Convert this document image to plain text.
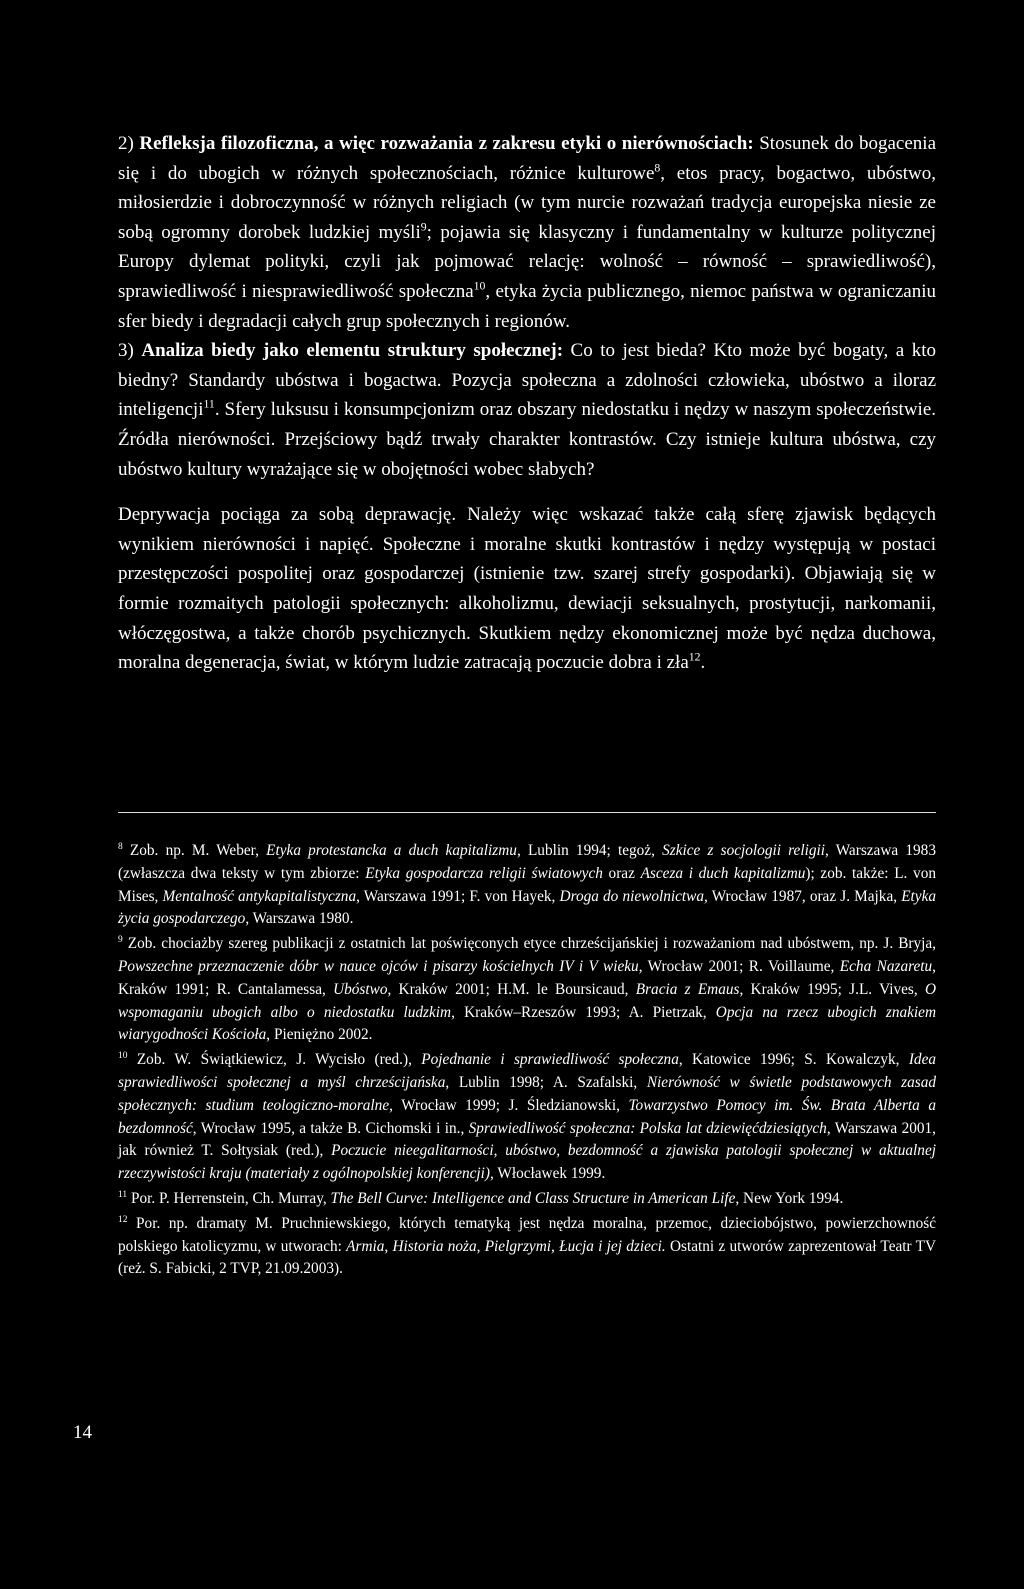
2) Refleksja filozoficzna, a więc rozważania z zakresu etyki o nierównościach: Stosunek do bogacenia się i do ubogich w różnych społecznościach, różnice kulturowe$^8$, etos pracy, bogactwo, ubóstwo, miłosierdzie i dobroczynność w różnych religiach (w tym nurcie rozważań tradycja europejska niesie ze sobą ogromny dorobek ludzkiej myśli$^9$; pojawia się klasyczny i fundamentalny w kulturze politycznej Europy dylemat polityki, czyli jak pojmować relację: wolność – równość – sprawiedliwość), sprawiedliwość i niesprawiedliwość społeczna$^{10}$, etyka życia publicznego, niemoc państwa w ograniczaniu sfer biedy i degradacji całych grup społecznych i regionów.

3) Analiza biedy jako elementu struktury społecznej: Co to jest bieda? Kto może być bogaty, a kto biedny? Standardy ubóstwa i bogactwa. Pozycja społeczna a zdolności człowieka, ubóstwo a iloraz inteligencji$^{11}$. Sfery luksusu i konsumpcjonizm oraz obszary niedostatku i nędzy w naszym społeczeństwie. Źródła nierówności. Przejściowy bądź trwały charakter kontrastów. Czy istnieje kultura ubóstwa, czy ubóstwo kultury wyrażające się w obojętności wobec słabych?

Deprywacja pociąga za sobą deprawację. Należy więc wskazać także całą sferę zjawisk będących wynikiem nierówności i napięć. Społeczne i moralne skutki kontrastów i nędzy występują w postaci przestępczości pospolitej oraz gospodarczej (istnienie tzw. szarej strefy gospodarki). Objawiają się w formie rozmaitych patologii społecznych: alkoholizmu, dewiacji seksualnych, prostytucji, narkomanii, włóczęgostwa, a także chorób psychicznych. Skutkiem nędzy ekonomicznej może być nędza duchowa, moralna degeneracja, świat, w którym ludzie zatracają poczucie dobra i zła$^{12}$.

$^8$ Zob. np. M. Weber, Etyka protestancka a duch kapitalizmu, Lublin 1994; tegoż, Szkice z socjologii religii, Warszawa 1983 (zwłaszcza dwa teksty w tym zbiorze: Etyka gospodarcza religii światowych oraz Asceza i duch kapitalizmu); zob. także: L. von Mises, Mentalność antykapitalistyczna, Warszawa 1991; F. von Hayek, Droga do niewolnictwa, Wrocław 1987, oraz J. Majka, Etyka życia gospodarczego, Warszawa 1980.

$^9$ Zob. chociażby szereg publikacji z ostatnich lat poświęconych etyce chrześcijańskiej i rozważaniom nad ubóstwem, np. J. Bryja, Powszechne przeznaczenie dóbr w nauce ojców i pisarzy kościelnych IV i V wieku, Wrocław 2001; R. Voillaume, Echa Nazaretu, Kraków 1991; R. Cantalamessa, Ubóstwo, Kraków 2001; H.M. le Boursicaud, Bracia z Emaus, Kraków 1995; J.L. Vives, O wspomaganiu ubogich albo o niedostatku ludzkim, Kraków–Rzeszów 1993; A. Pietrzak, Opcja na rzecz ubogich znakiem wiarygodności Kościoła, Pieniężno 2002.

$^{10}$ Zob. W. Świątkiewicz, J. Wycisło (red.), Pojednanie i sprawiedliwość społeczna, Katowice 1996; S. Kowalczyk, Idea sprawiedliwości społecznej a myśl chrześcijańska, Lublin 1998; A. Szafalski, Nierówność w świetle podstawowych zasad społecznych: studium teologiczno-moralne, Wrocław 1999; J. Śledzianowski, Towarzystwo Pomocy im. Św. Brata Alberta a bezdomność, Wrocław 1995, a także B. Cichomski i in., Sprawiedliwość społeczna: Polska lat dziewięćdziesiątych, Warszawa 2001, jak również T. Sołtysiak (red.), Poczucie nieegalitarności, ubóstwo, bezdomność a zjawiska patologii społecznej w aktualnej rzeczywistości kraju (materiały z ogólnopolskiej konferencji), Włocławek 1999.

$^{11}$ Por. P. Herrenstein, Ch. Murray, The Bell Curve: Intelligence and Class Structure in American Life, New York 1994.

$^{12}$ Por. np. dramaty M. Pruchniewskiego, których tematyką jest nędza moralna, przemoc, dzieciobójstwo, powierzchowność polskiego katolicyzmu, w utworach: Armia, Historia noża, Pielgrzymi, Łucja i jej dzieci. Ostatni z utworów zaprezentował Teatr TV (reż. S. Fabicki, 2 TVP, 21.09.2003).

14
